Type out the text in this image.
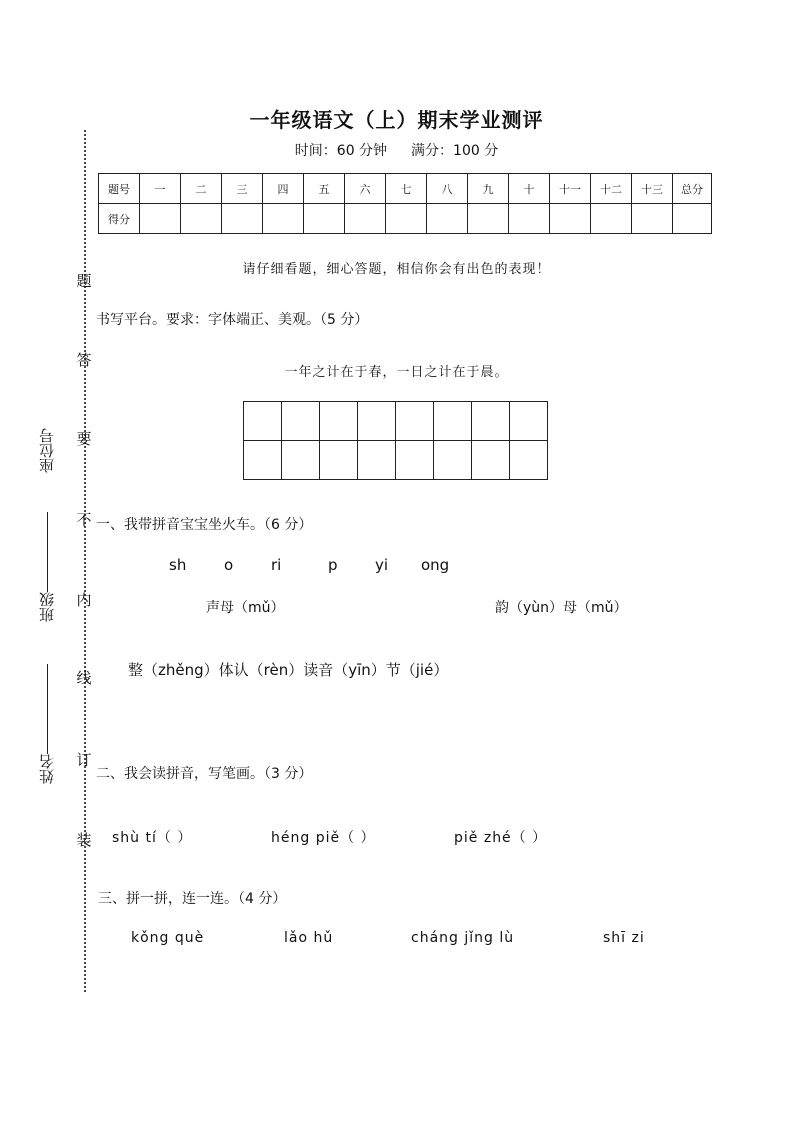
题
答
要
不
内
线
订
装
座位号
班级
姓名
一年级语文（上）期末学业测评
时间：60 分钟 满分：100 分
题号	一	二	三	四	五	六	七	八	九	十	十一	十二	十三	总分
得分														
请仔细看题，细心答题，相信你会有出色的表现！
书写平台。要求：字体端正、美观。（5 分）
一年之计在于春，一日之计在于晨。

一、我带拼音宝宝坐火车。（6 分）
sh	o	ri	p yi ong
声母（mǔ）	韵（yùn）母（mǔ）
整（zhěng）体认（rèn）读音（yīn）节（jié）
二、我会读拼音，写笔画。（3 分）
shù tí（ ）	héng piě（ ）	piě zhé（ ）
三、拼一拼，连一连。（4 分）
kǒng què	lǎo hǔ	cháng jǐng lù	shī zi
